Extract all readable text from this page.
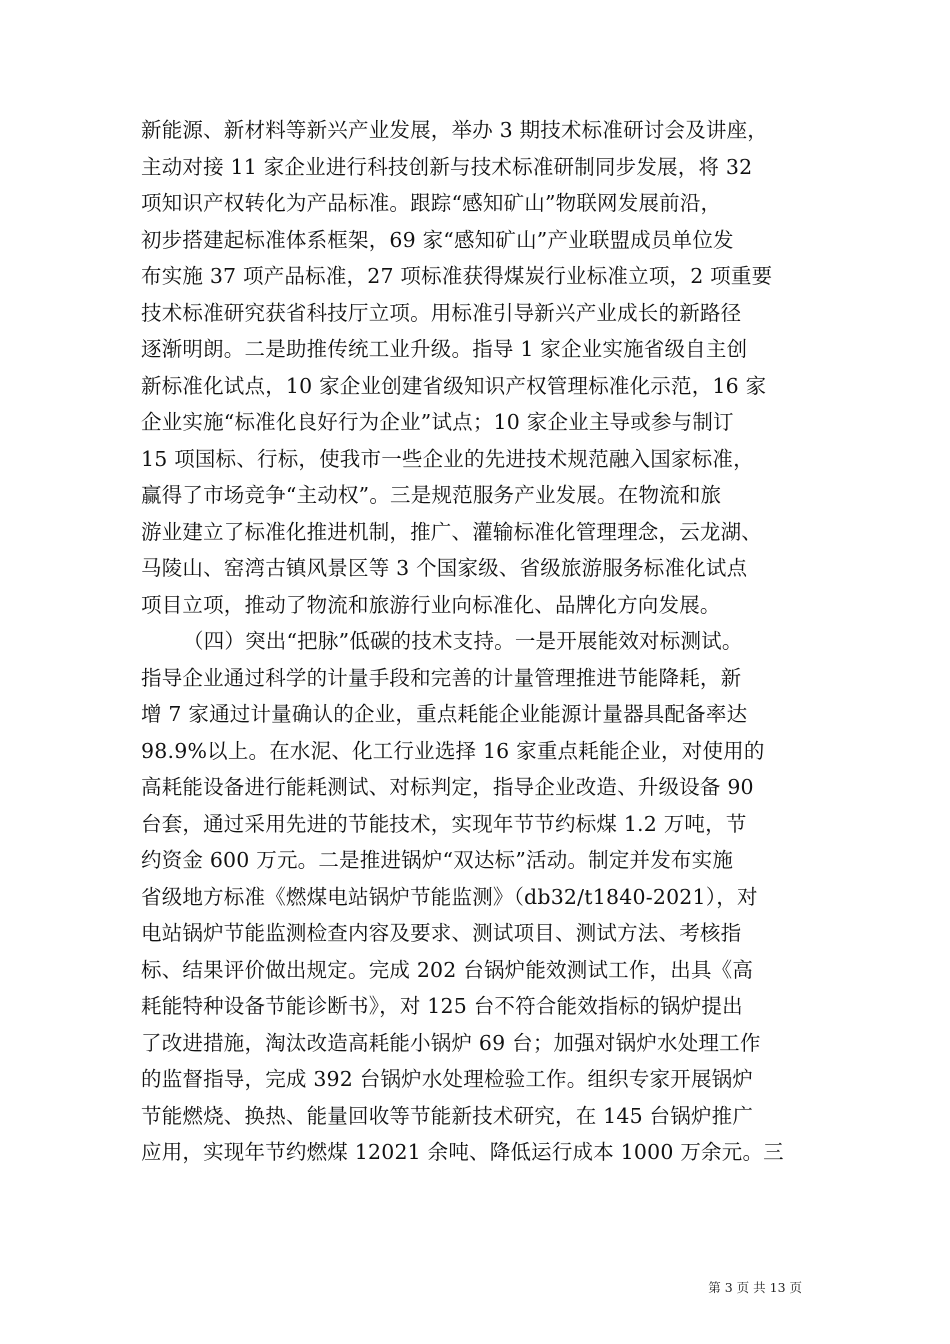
新能源、新材料等新兴产业发展，举办 3 期技术标准研讨会及讲座，
主动对接 11 家企业进行科技创新与技术标准研制同步发展，将 32
项知识产权转化为产品标准。跟踪“感知矿山”物联网发展前沿，
初步搭建起标准体系框架，69 家“感知矿山”产业联盟成员单位发
布实施 37 项产品标准，27 项标准获得煤炭行业标准立项，2 项重要
技术标准研究获省科技厅立项。用标准引导新兴产业成长的新路径
逐渐明朗。二是助推传统工业升级。指导 1 家企业实施省级自主创
新标准化试点，10 家企业创建省级知识产权管理标准化示范，16 家
企业实施“标准化良好行为企业”试点；10 家企业主导或参与制订
15 项国标、行标，使我市一些企业的先进技术规范融入国家标准，
赢得了市场竞争“主动权”。三是规范服务产业发展。在物流和旅
游业建立了标准化推进机制，推广、灌输标准化管理理念，云龙湖、
马陵山、窑湾古镇风景区等 3 个国家级、省级旅游服务标准化试点
项目立项，推动了物流和旅游行业向标准化、品牌化方向发展。
（四）突出“把脉”低碳的技术支持。一是开展能效对标测试。
指导企业通过科学的计量手段和完善的计量管理推进节能降耗，新
增 7 家通过计量确认的企业，重点耗能企业能源计量器具配备率达
98.9%以上。在水泥、化工行业选择 16 家重点耗能企业，对使用的
高耗能设备进行能耗测试、对标判定，指导企业改造、升级设备 90
台套，通过采用先进的节能技术，实现年节节约标煤 1.2 万吨，节
约资金 600 万元。二是推进锅炉“双达标”活动。制定并发布实施
省级地方标准《燃煤电站锅炉节能监测》（db32/t1840-2021），对
电站锅炉节能监测检查内容及要求、测试项目、测试方法、考核指
标、结果评价做出规定。完成 202 台锅炉能效测试工作，出具《高
耗能特种设备节能诊断书》，对 125 台不符合能效指标的锅炉提出
了改进措施，淘汰改造高耗能小锅炉 69 台；加强对锅炉水处理工作
的监督指导，完成 392 台锅炉水处理检验工作。组织专家开展锅炉
节能燃烧、换热、能量回收等节能新技术研究，在 145 台锅炉推广
应用，实现年节约燃煤 12021 余吨、降低运行成本 1000 万余元。三
第 3 页 共 13 页
